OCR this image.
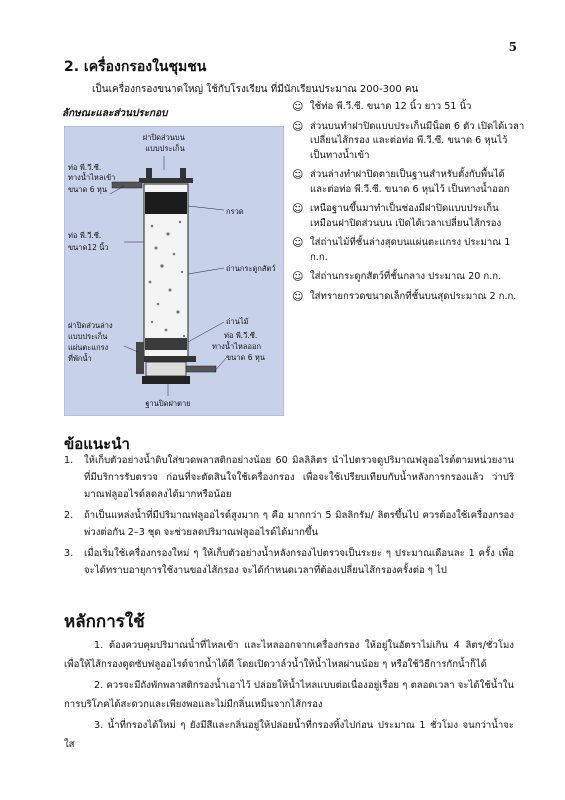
5
2. เครื่องกรองในชุมชน
เป็นเครื่องกรองขนาดใหญ่ ใช้กับโรงเรียน ที่มีนักเรียนประมาณ 200-300 คน
ลักษณะและส่วนประกอบ
ฝาปิดส่วนบน แบบประเก็น
ท่อ พี.วี.ซี. ทางน้ำไหลเข้า ขนาด 6 หุน
กรวด
ท่อ พี.วี.ซี. ขนาด12 นิ้ว
ถ่านกระดูกสัตว์
ถ่านไม้
ฝาปิดส่วนล่าง แบบประเก็น แผ่นตะแกรง ที่พักน้ำ
ท่อ พี.วี.ซี. ทางน้ำไหลออก ขนาด 6 หุน
ฐานปิดฝาตาย
☺ ใช้ท่อ พี.วี.ซี. ขนาด 12 นิ้ว ยาว 51 นิ้ว
☺ ส่วนบนทำฝาปิดแบบประเก็นมีน็อต 6 ตัว เปิดได้เวลาเปลี่ยนไส้กรอง และต่อท่อ พี.วี.ซี. ขนาด 6 หุนไว้ เป็นทางน้ำเข้า
☺ ส่วนล่างทำฝาปิดตายเป็นฐานสำหรับตั้งกับพื้นได้ และต่อท่อ พี.วี.ซี. ขนาด 6 หุนไว้ เป็นทางน้ำออก
☺ เหนือฐานขึ้นมาทำเป็นช่องมีฝาปิดแบบประเก็น เหมือนฝาปิดส่วนบน เปิดได้เวลาเปลี่ยนไส้กรอง
☺ ใส่ถ่านไม้ที่ชั้นล่างสุดบนแผ่นตะแกรง ประมาณ 1 ก.ก.
☺ ใส่ถ่านกระดูกสัตว์ที่ชั้นกลาง ประมาณ 20 ก.ก.
☺ ใส่ทรายกรวดขนาดเล็กที่ชั้นบนสุดประมาณ 2 ก.ก.
ข้อแนะนำ
1. ให้เก็บตัวอย่างน้ำดิบใส่ขวดพลาสติกอย่างน้อย 60 มิลลิลิตร นำไปตรวจดูปริมาณฟลูออไรด์ตามหน่วยงานที่มีบริการรับตรวจ ก่อนที่จะตัดสินใจใช้เครื่องกรอง เพื่อจะใช้เปรียบเทียบกับน้ำหลังการกรองแล้ว ว่าปริมาณฟลูออไรด์ลดลงได้มากหรือน้อย
2. ถ้าเป็นแหล่งน้ำที่มีปริมาณฟลูออไรด์สูงมาก ๆ คือ มากกว่า 5 มิลลิกรัม/ ลิตรขึ้นไป ควรต้องใช้เครื่องกรองพ่วงต่อกัน 2–3 ชุด จะช่วยลดปริมาณฟลูออไรด์ได้มากขึ้น
3. เมื่อเริ่มใช้เครื่องกรองใหม่ ๆ ให้เก็บตัวอย่างน้ำหลังกรองไปตรวจเป็นระยะ ๆ ประมาณเดือนละ 1 ครั้ง เพื่อจะได้ทราบอายุการใช้งานของไส้กรอง จะได้กำหนดเวลาที่ต้องเปลี่ยนไส้กรองครั้งต่อ ๆ ไป
หลักการใช้

1. ต้องควบคุมปริมาณน้ำที่ไหลเข้า และไหลออกจากเครื่องกรอง ให้อยู่ในอัตราไม่เกิน 4 ลิตร/ชั่วโมง เพื่อให้ไส้กรองดูดซับฟลูออไรด์จากน้ำได้ดี โดยเปิดวาล์วน้ำให้น้ำไหลผ่านน้อย ๆ หรือใช้วิธีการกักน้ำก็ได้

2. ควรจะมีถังพักพลาสติกรองน้ำเอาไว้ ปล่อยให้น้ำไหลแบบต่อเนื่องอยู่เรื่อย ๆ ตลอดเวลา จะได้ใช้น้ำในการบริโภคได้สะดวกและเพียงพอและไม่มีกลิ่นเหม็นจากไส้กรอง

3. น้ำที่กรองได้ใหม่ ๆ ยังมีสีและกลิ่นอยู่ให้ปล่อยน้ำที่กรองทิ้งไปก่อน ประมาณ 1 ชั่วโมง จนกว่าน้ำจะใส
